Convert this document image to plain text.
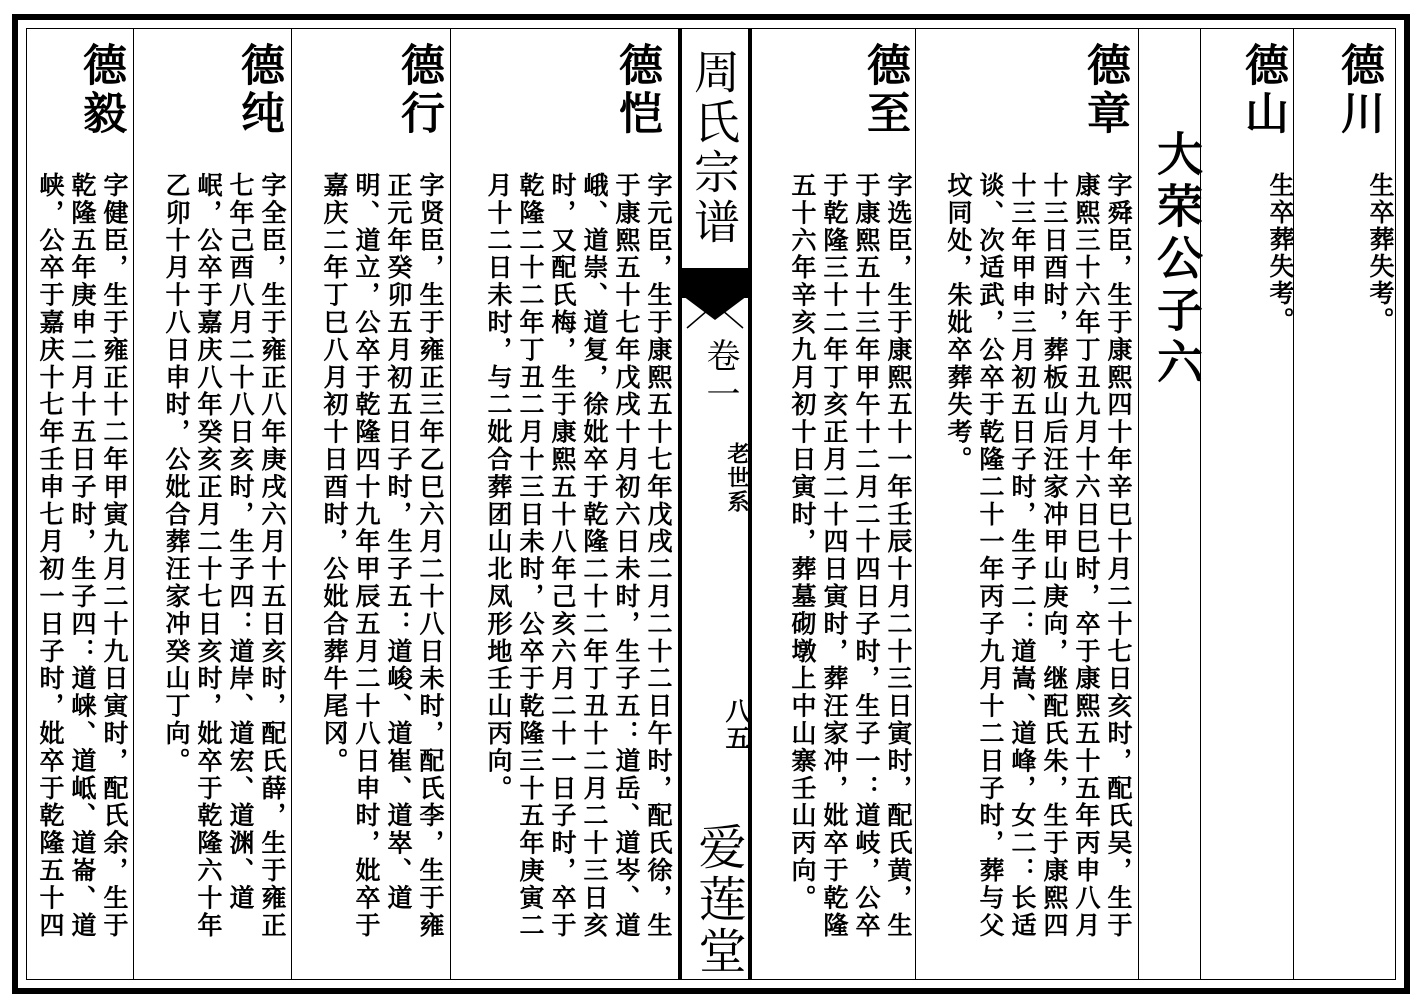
德川
生卒葬失考。
德山
生卒葬失考。
大荣公子六
德章
字舜臣，生于康熙四十年辛巳十月二十七日亥时，配氏吴，生于康熙三十六年丁丑九月十六日巳时，卒于康熙五十五年丙申八月十三日酉时，葬板山后汪家冲甲山庚向，继配氏朱，生于康熙四十三年甲申三月初五日子时，生子二：道嵩、道峰，女二：长适谈、次适武，公卒于乾隆二十一年丙子九月十二日子时，葬与父坟同处，朱妣卒葬失考。
德至
字选臣，生于康熙五十一年壬辰十月二十三日寅时，配氏黄，生于康熙五十三年甲午十二月二十四日子时，生子一：道岐，公卒于乾隆三十二年丁亥正月二十四日寅时，葬汪家冲，妣卒于乾隆五十六年辛亥九月初十日寅时，葬墓砌墩上中山寨壬山丙向。
周氏宗谱
卷一
老世系
八五
爱莲堂
德恺
字元臣，生于康熙五十七年戊戌二月二十二日午时，配氏徐，生于康熙五十七年戊戌十月初六日未时，生子五：道岳、道岑、道峨、道崇、道复，徐妣卒于乾隆二十二年丁丑十二月二十三日亥时，又配氏梅，生于康熙五十八年己亥六月二十一日子时，卒于乾隆二十二年丁丑二月十三日未时，公卒于乾隆三十五年庚寅二月十二日未时，与二妣合葬团山北凤形地壬山丙向。
德行
字贤臣，生于雍正三年乙巳六月二十八日未时，配氏李，生于雍正元年癸卯五月初五日子时，生子五：道峻、道崔、道崒、道明、道立，公卒于乾隆四十九年甲辰五月二十八日申时，妣卒于嘉庆二年丁巳八月初十日酉时，公妣合葬牛尾冈。
德纯
字全臣，生于雍正八年庚戌六月十五日亥时，配氏薛，生于雍正七年己酉八月二十八日亥时，生子四：道岸、道宏、道渊、道岷，公卒于嘉庆八年癸亥正月二十七日亥时，妣卒于乾隆六十年乙卯十月十八日申时，公妣合葬汪家冲癸山丁向。
德毅
字健臣，生于雍正十二年甲寅九月二十九日寅时，配氏余，生于乾隆五年庚申二月十五日子时，生子四：道崃、道岻、道崙、道峡，公卒于嘉庆十七年壬申七月初一日子时，妣卒于乾隆五十四
